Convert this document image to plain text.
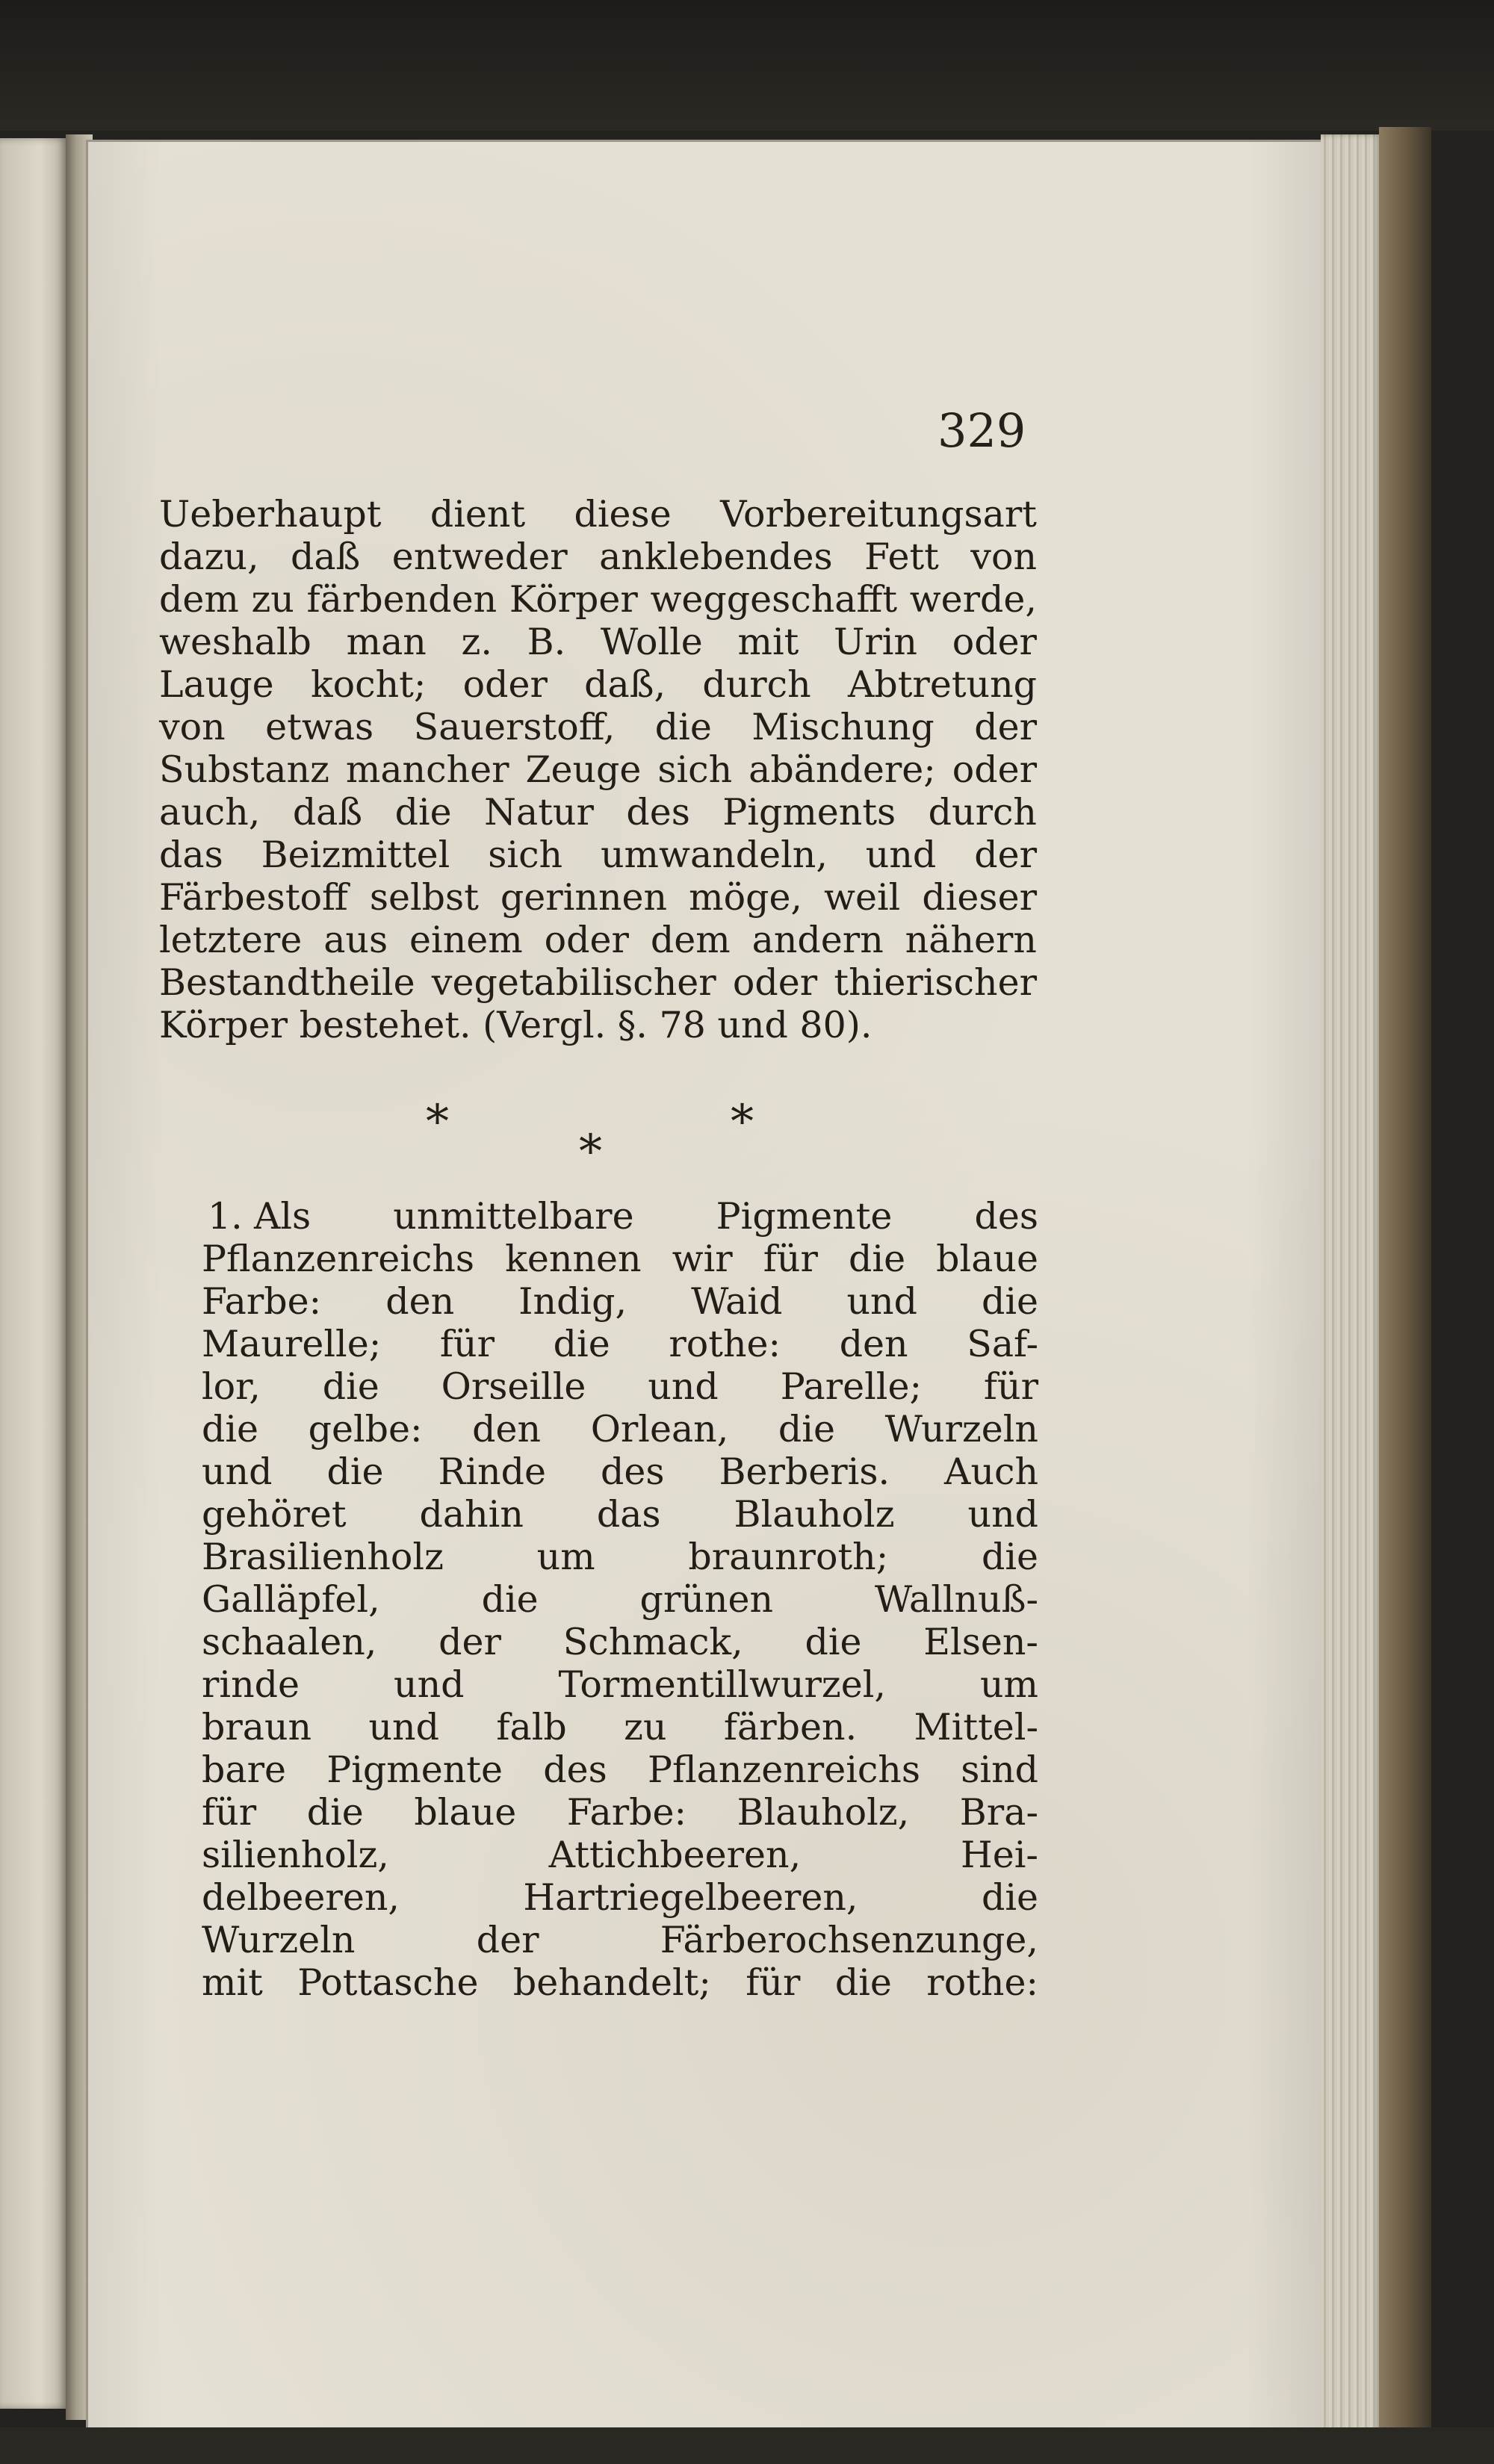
329
Ueberhaupt dient diese Vorbereitungsart
dazu, daß entweder anklebendes Fett von
dem zu färbenden Körper weggeschafft werde,
weshalb man z. B. Wolle mit Urin oder
Lauge kocht; oder daß, durch Abtretung
von etwas Sauerstoff, die Mischung der
Substanz mancher Zeuge sich abändere; oder
auch, daß die Natur des Pigments durch
das Beizmittel sich umwandeln, und der
Färbestoff selbst gerinnen möge, weil dieser
letztere aus einem oder dem andern nähern
Bestandtheile vegetabilischer oder thierischer
Körper bestehet. (Vergl. §. 78 und 80).
*
*
*
1. Als unmittelbare Pigmente des
Pflanzenreichs kennen wir für die blaue
Farbe: den Indig, Waid und die
Maurelle; für die rothe: den Saf-
lor, die Orseille und Parelle; für
die gelbe: den Orlean, die Wurzeln
und die Rinde des Berberis. Auch
gehöret dahin das Blauholz und
Brasilienholz um braunroth; die
Galläpfel, die grünen Wallnuß-
schaalen, der Schmack, die Elsen-
rinde und Tormentillwurzel, um
braun und falb zu färben. Mittel-
bare Pigmente des Pflanzenreichs sind
für die blaue Farbe: Blauholz, Bra-
silienholz, Attichbeeren, Hei-
delbeeren, Hartriegelbeeren, die
Wurzeln der Färberochsenzunge,
mit Pottasche behandelt; für die rothe:
